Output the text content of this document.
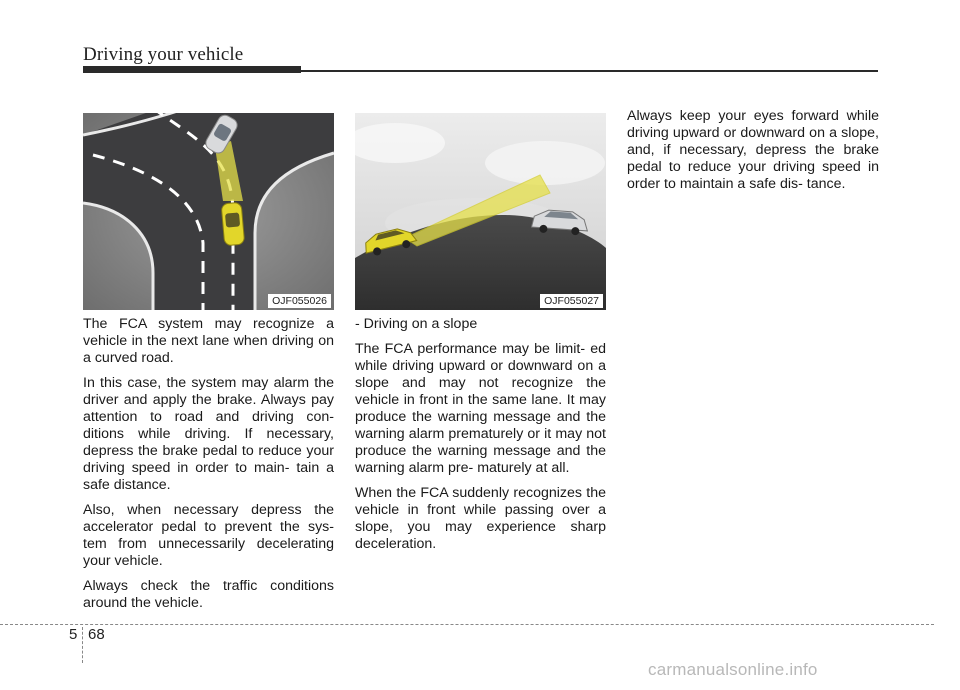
Driving your vehicle
OJF055026	OJF055027

The FCA system may recognize a vehicle in the next lane when driving on a curved road.

In this case, the system may alarm the driver and apply the brake. Always pay attention to road and driving con- ditions while driving. If necessary, depress the brake pedal to reduce your driving speed in order to main- tain a safe distance.

Also, when necessary depress the accelerator pedal to prevent the sys- tem from unnecessarily decelerating your vehicle.

Always check the traffic conditions around the vehicle.

- Driving on a slope

The FCA performance may be limit- ed while driving upward or downward on a slope and may not recognize the vehicle in front in the same lane. It may produce the warning message and the warning alarm prematurely or it may not produce the warning message and the warning alarm pre- maturely at all.

When the FCA suddenly recognizes the vehicle in front while passing over a slope, you may experience sharp deceleration.

Always keep your eyes forward while driving upward or downward on a slope, and, if necessary, depress the brake pedal to reduce your driving speed in order to maintain a safe dis- tance.

5 68
carmanualsonline.info
